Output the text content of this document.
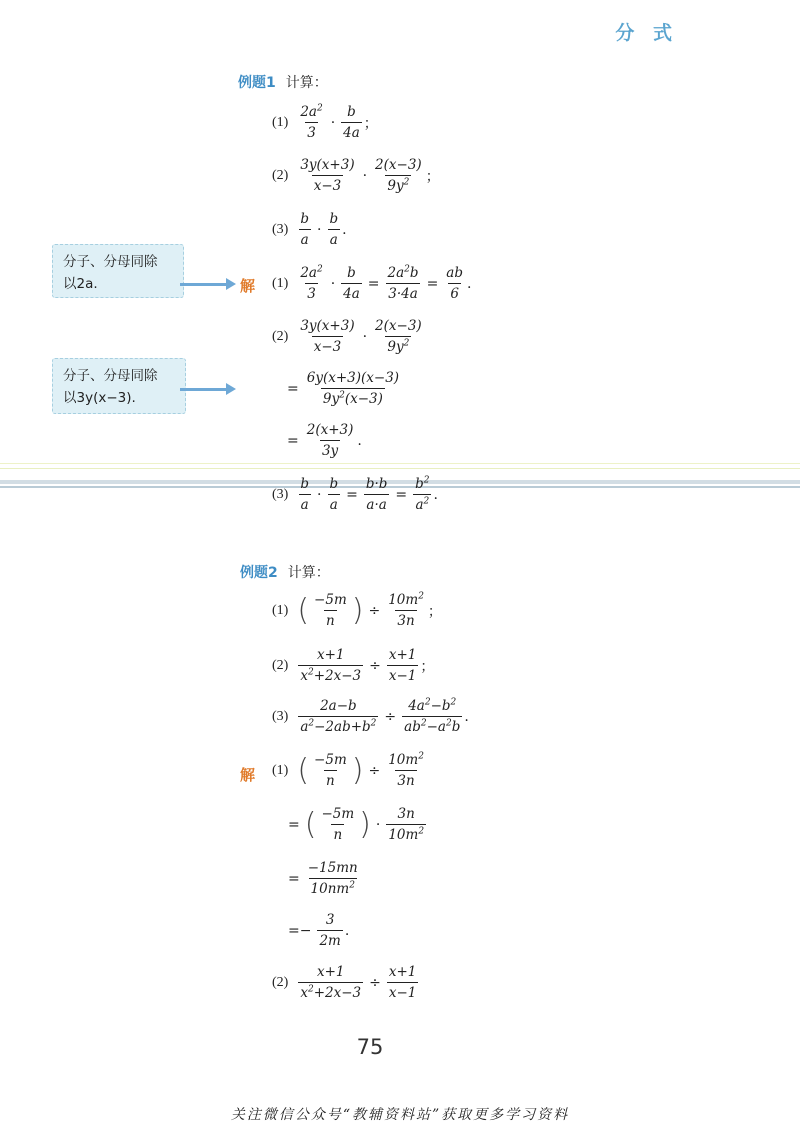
分 式
例题1 计算：
$(1) \frac{2a^2}{3} \cdot \frac{b}{4a}$ ；
$(2) \frac{3y(x+3)}{x-3} \cdot \frac{2(x-3)}{9y^2}$ ；
$(3) \frac{b}{a} \cdot \frac{b}{a}$ .
分子、分母同除
以2a.	解 $(1) \frac{2a^2}{3} \cdot \frac{b}{4a} = \frac{2a^2b}{3\cdot 4a} = \frac{ab}{6}$ .
$(2) \frac{3y(x+3)}{x-3} \cdot \frac{2(x-3)}{9y^2}$
分子、分母同除
以3y(x−3).
= $\frac{6y(x+3)(x-3)}{9y^2(x-3)}$
= $\frac{2(x+3)}{3y}$ .
$(3) \frac{b}{a} \cdot \frac{b}{a} = \frac{b\cdot b}{a\cdot a} = \frac{b^2}{a^2}$ .
例题2 计算：
(1) ( $\frac{-5m}{n}$ ) ÷ $\frac{10m^2}{3n}$ ；
$(2) \frac{x+1}{x^2+2x-3} \div \frac{x+1}{x-1}$ ；
$(3) \frac{2a-b}{a^2-2ab+b^2} \div \frac{4a^2-b^2}{ab^2-a^2b}$ .
解 (1) ( $\frac{-5m}{n}$ ) ÷ $\frac{10m^2}{3n}$
= ( $\frac{-5m}{n}$ ) · $\frac{3n}{10m^2}$
= $\frac{-15mn}{10nm^2}$
=− $\frac{3}{2m}$ .
$(2) \frac{x+1}{x^2+2x-3} \div \frac{x+1}{x-1}$
75
关注微信公众号“教辅资料站”获取更多学习资料
